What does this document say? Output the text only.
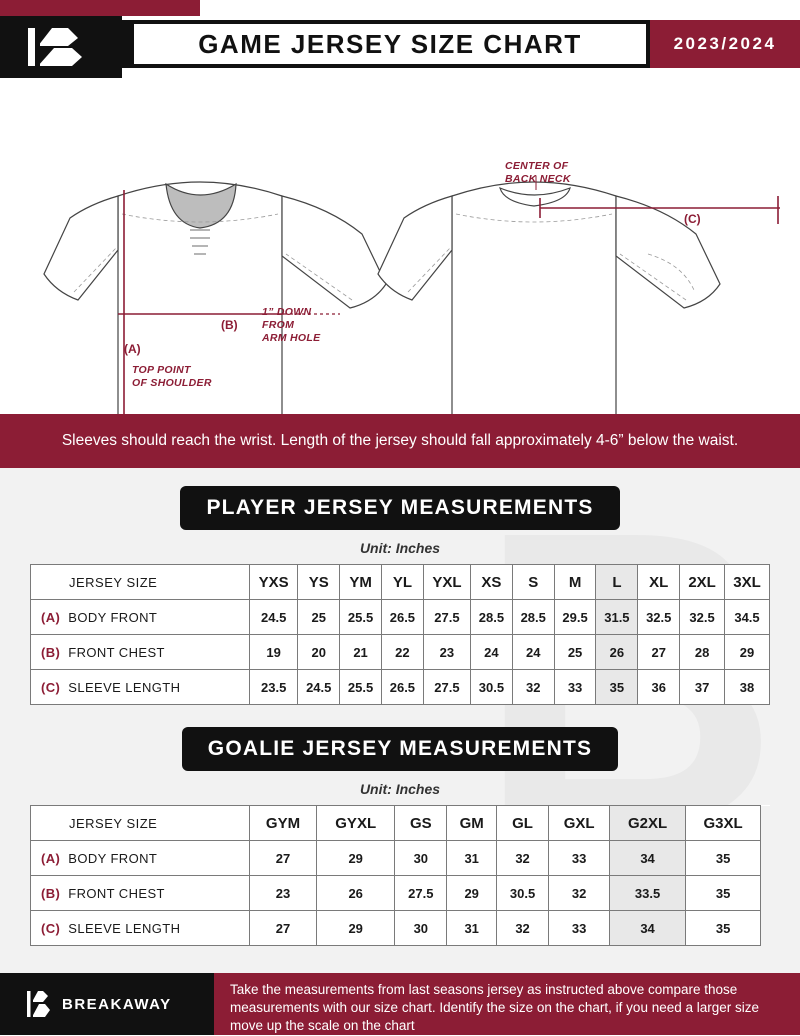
GAME JERSEY SIZE CHART	2023/2024
CENTER OF
BACK NECK
1” DOWN
FROM
ARM HOLE
TOP POINT
OF SHOULDER
(A)
(B)
(C)
Sleeves should reach the wrist. Length of the jersey should fall approximately 4-6” below the waist.
PLAYER JERSEY MEASUREMENTS
Unit: Inches
JERSEY SIZE	YXS	YS	YM	YL	YXL	XS	S	M	L	XL	2XL	3XL
(A) BODY FRONT	24.5	25	25.5	26.5	27.5	28.5	28.5	29.5	31.5	32.5	32.5	34.5
(B) FRONT CHEST	19	20	21	22	23	24	24	25	26	27	28	29
(C) SLEEVE LENGTH	23.5	24.5	25.5	26.5	27.5	30.5	32	33	35	36	37	38
GOALIE JERSEY MEASUREMENTS
Unit: Inches
JERSEY SIZE	GYM	GYXL	GS	GM	GL	GXL	G2XL	G3XL	
(A) BODY FRONT	27	29	30	31	32	33	34	35	
(B) FRONT CHEST	23	26	27.5	29	30.5	32	33.5	35	
(C) SLEEVE LENGTH	27	29	30	31	32	33	34	35	
BREAKAWAY
Take the measurements from last seasons jersey as instructed above compare those measurements with our size chart. Identify the size on the chart, if you need a larger size move up the scale on the chart
